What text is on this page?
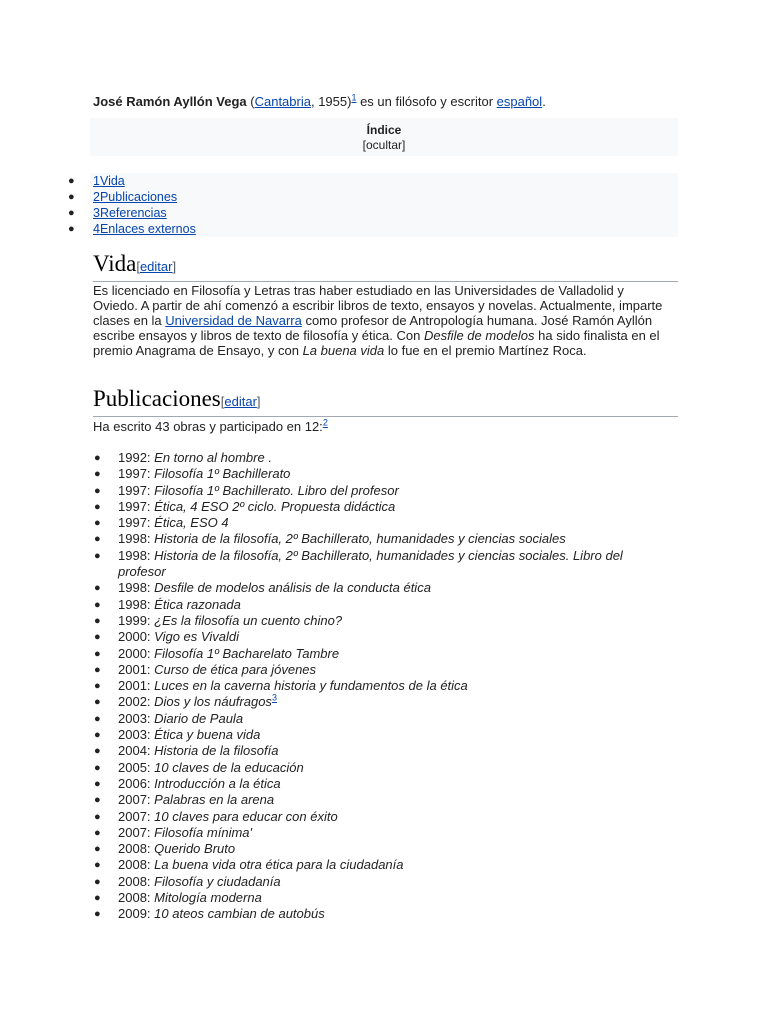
José Ramón Ayllón Vega (Cantabria, 1955)$^1$ es un filósofo y escritor español.
Índice
[ocultar]
● 1Vida
● 2Publicaciones
● 3Referencias
● 4Enlaces externos
Vida[editar]
Es licenciado en Filosofía y Letras tras haber estudiado en las Universidades de Valladolid y Oviedo. A partir de ahí comenzó a escribir libros de texto, ensayos y novelas. Actualmente, imparte clases en la Universidad de Navarra como profesor de Antropología humana. José Ramón Ayllón escribe ensayos y libros de texto de filosofía y ética. Con Desfile de modelos ha sido finalista en el premio Anagrama de Ensayo, y con La buena vida lo fue en el premio Martínez Roca.
Publicaciones[editar]
Ha escrito 43 obras y participado en 12:$^2$
● 1992: En torno al hombre .
● 1997: Filosofía 1º Bachillerato
● 1997: Filosofía 1º Bachillerato. Libro del profesor
● 1997: Ética, 4 ESO 2º ciclo. Propuesta didáctica
● 1997: Ética, ESO 4
● 1998: Historia de la filosofía, 2º Bachillerato, humanidades y ciencias sociales
● 1998: Historia de la filosofía, 2º Bachillerato, humanidades y ciencias sociales. Libro del profesor
● 1998: Desfile de modelos análisis de la conducta ética
● 1998: Ética razonada
● 1999: ¿Es la filosofía un cuento chino?
● 2000: Vigo es Vivaldi
● 2000: Filosofía 1º Bacharelato Tambre
● 2001: Curso de ética para jóvenes
● 2001: Luces en la caverna historia y fundamentos de la ética
● 2002: Dios y los náufragos$^3$
● 2003: Diario de Paula
● 2003: Ética y buena vida
● 2004: Historia de la filosofía
● 2005: 10 claves de la educación
● 2006: Introducción a la ética
● 2007: Palabras en la arena
● 2007: 10 claves para educar con éxito
● 2007: Filosofía mínima'
● 2008: Querido Bruto
● 2008: La buena vida otra ética para la ciudadanía
● 2008: Filosofía y ciudadanía
● 2008: Mitología moderna
● 2009: 10 ateos cambian de autobús
